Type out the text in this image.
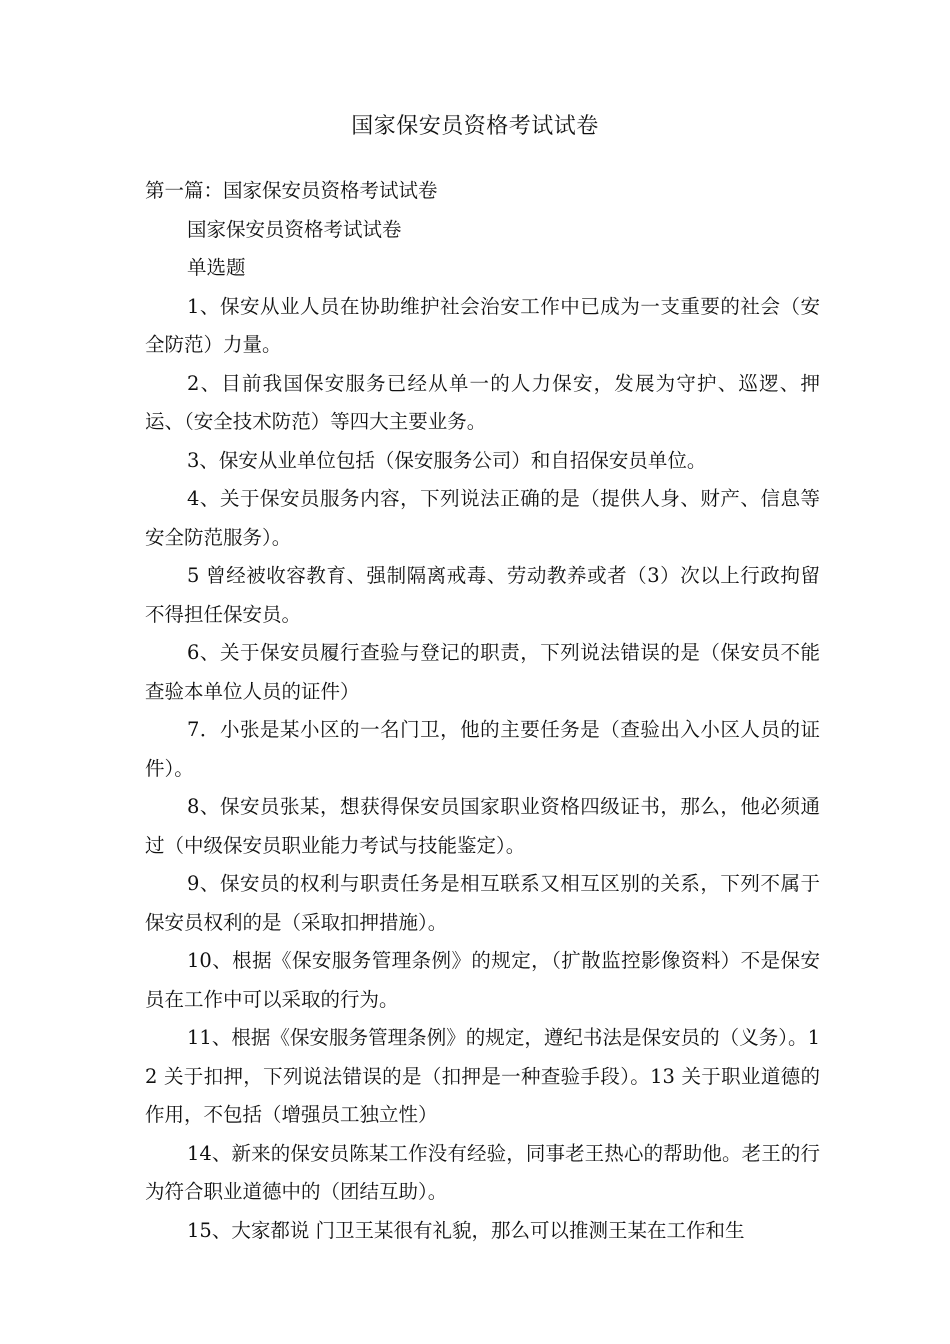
国家保安员资格考试试卷

第一篇：国家保安员资格考试试卷

国家保安员资格考试试卷

单选题

1、保安从业人员在协助维护社会治安工作中已成为一支重要的社会（安全防范）力量。

2、目前我国保安服务已经从单一的人力保安，发展为守护、巡逻、押运、（安全技术防范）等四大主要业务。

3、保安从业单位包括（保安服务公司）和自招保安员单位。

4、关于保安员服务内容，下列说法正确的是（提供人身、财产、信息等安全防范服务）。

5 曾经被收容教育、强制隔离戒毒、劳动教养或者（3）次以上行政拘留不得担任保安员。

6、关于保安员履行查验与登记的职责，下列说法错误的是（保安员不能查验本单位人员的证件）

7．小张是某小区的一名门卫，他的主要任务是（查验出入小区人员的证件）。

8、保安员张某，想获得保安员国家职业资格四级证书，那么，他必须通过（中级保安员职业能力考试与技能鉴定）。

9、保安员的权利与职责任务是相互联系又相互区别的关系，下列不属于保安员权利的是（采取扣押措施）。

10、根据《保安服务管理条例》的规定，（扩散监控影像资料）不是保安员在工作中可以采取的行为。

11、根据《保安服务管理条例》的规定，遵纪书法是保安员的（义务）。12 关于扣押，下列说法错误的是（扣押是一种查验手段）。13 关于职业道德的作用，不包括（增强员工独立性）

14、新来的保安员陈某工作没有经验，同事老王热心的帮助他。老王的行为符合职业道德中的（团结互助）。

15、大家都说 门卫王某很有礼貌，那么可以推测王某在工作和生
